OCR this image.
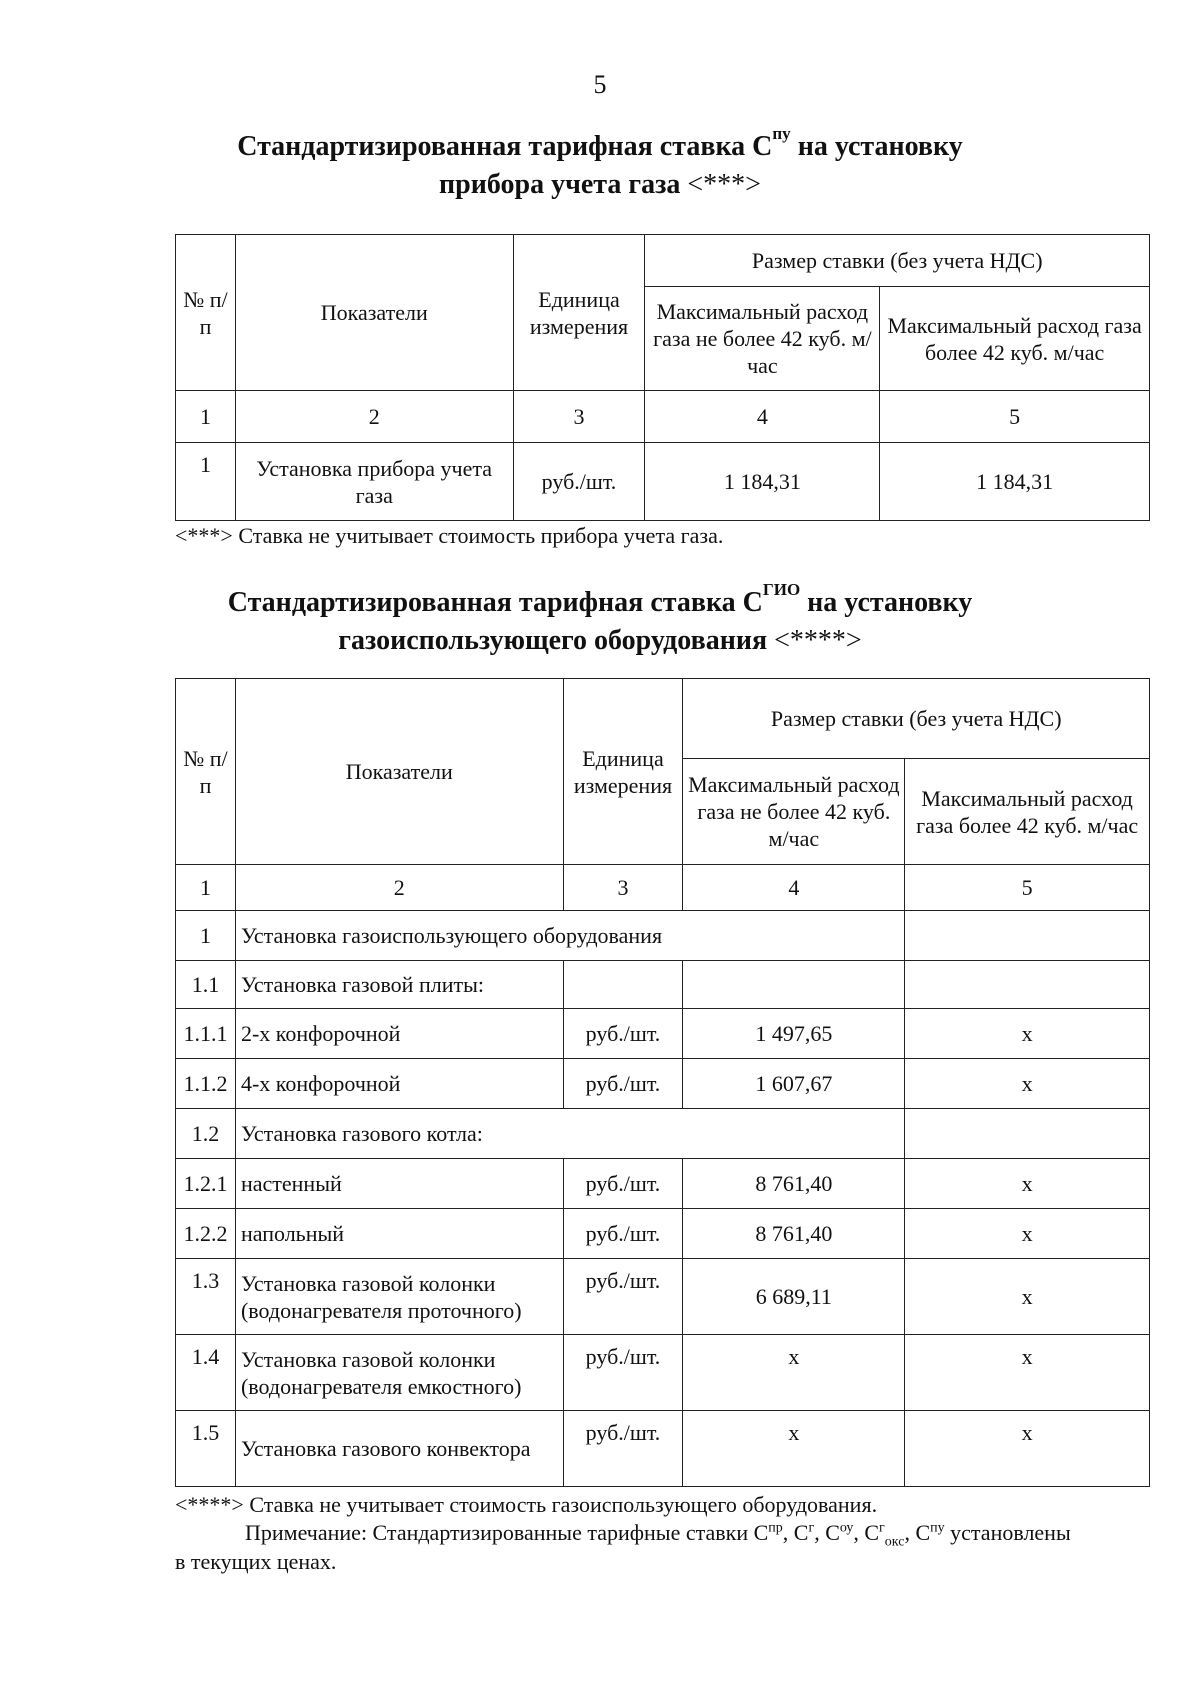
5
Стандартизированная тарифная ставка $С^{пу}$ на установку
прибора учета газа <***>
№ п/п	Показатели	Единица измерения	Размер ставки (без учета НДС)	
			Максимальный расход газа не более 42 куб. м/час	Максимальный расход газа более 42 куб. м/час
1	2	3	4	5
1	Установка прибора учета газа	руб./шт.	1 184,31	1 184,31
<***> Ставка не учитывает стоимость прибора учета газа.
Стандартизированная тарифная ставка $С^{ГИО}$ на установку
газоиспользующего оборудования <****>
№ п/п	Показатели	Единица измерения	Размер ставки (без учета НДС)	
			Максимальный расход газа не более 42 куб. м/час	Максимальный расход газа более 42 куб. м/час
1	2	3	4	5
1	Установка газоиспользующего оборудования			
1.1	Установка газовой плиты:			
1.1.1	2-х конфорочной	руб./шт.	1 497,65	х
1.1.2	4-х конфорочной	руб./шт.	1 607,67	х
1.2	Установка газового котла:			
1.2.1	настенный	руб./шт.	8 761,40	х
1.2.2	напольный	руб./шт.	8 761,40	х
1.3	Установка газовой колонки (водонагревателя проточного)	руб./шт.	6 689,11	х
1.4	Установка газовой колонки (водонагревателя емкостного)	руб./шт.	х	х
1.5	Установка газового конвектора	руб./шт.	х	х
<****> Ставка не учитывает стоимость газоиспользующего оборудования.
Примечание: Стандартизированные тарифные ставки $С^{пр}$, $С^г$, $С^{оу}$, $С^г_{окс}$, $С^{пу}$ установлены
в текущих ценах.
